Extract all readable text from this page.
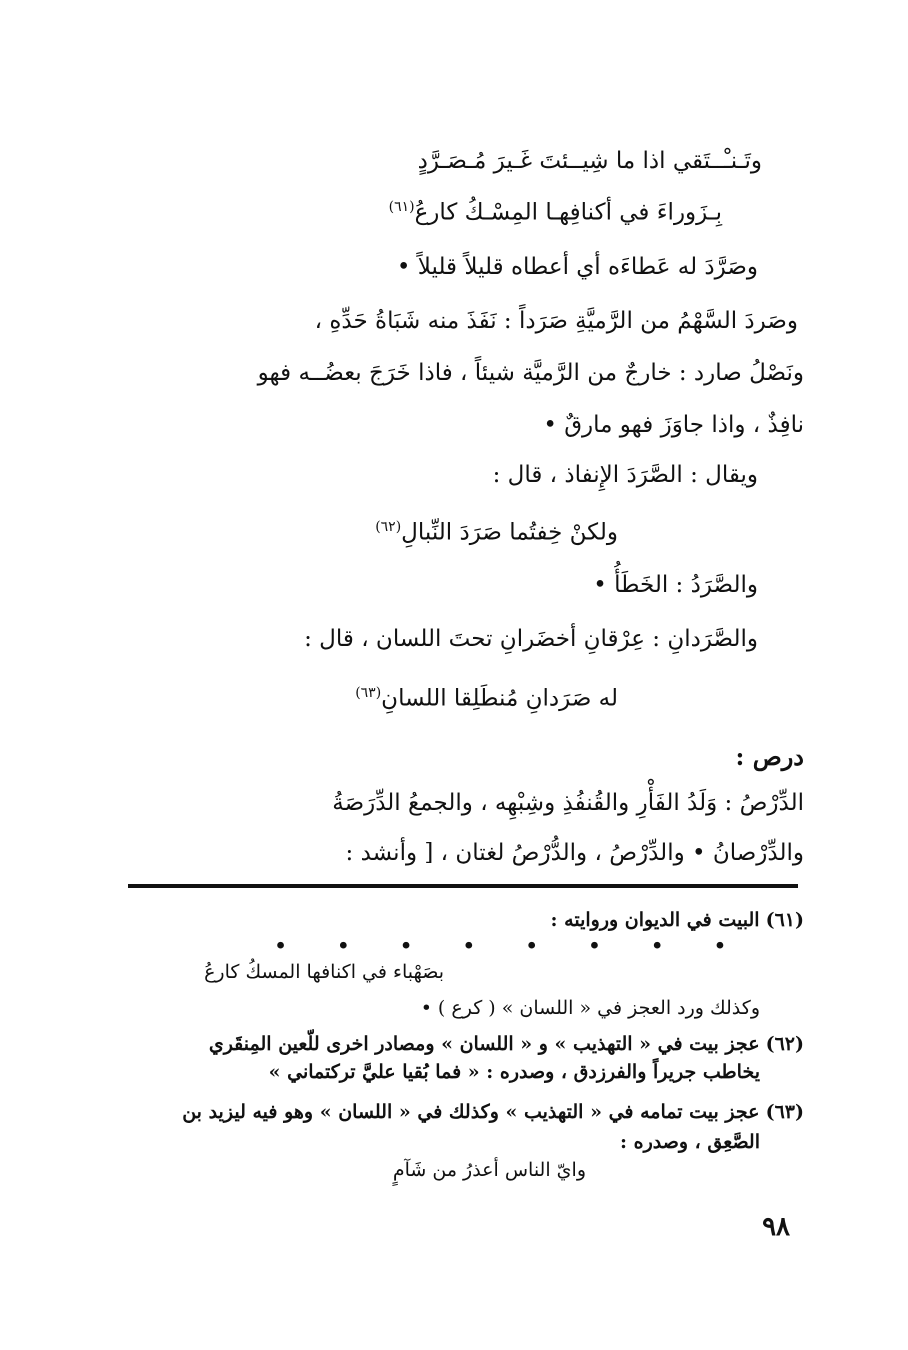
وتَـنـْــتَقي اذا ما شِيــئتَ غَـيرَ مُـصَـرَّدٍ
بِـزَوراءَ في أكنافِهـا المِسْـكُ كارعُ$^{(٦١)}$
وصَرَّدَ له عَطاءَه أي أعطاه قليلاً قليلاً •
وصَردَ السَّهْمُ من الرَّميَّةِ صَرَداً : نَفَذَ منه شَبَاةُ حَدِّهِ ،
ونَصْلُ صارد : خارجٌ من الرَّميَّة شيئاً ، فاذا خَرَجَ بعضُــه فهو
نافِذٌ ، واذا جاوَزَ فهو مارقٌ •
ويقال : الصَّرَدَ الإِنفاذ ، قال :
ولكنْ خِفتُما صَرَدَ النِّبالِ$^{(٦٢)}$
والصَّرَدُ : الخَطَأُ •
والصَّرَدانِ : عِرْقانِ أخضَرانِ تحتَ اللسان ، قال :
له صَرَدانِ مُنطَلِقا اللسانِ$^{(٦٣)}$
درص :
الدِّرْصُ : وَلَدُ الفَأْرِ والقُنفُذِ وشِبْهِه ، والجمعُ الدِّرَصَةُ
والدِّرْصانُ • والدِّرْصُ ، والدُّرْصُ لغتان ، [ وأنشد :
(٦١) البيت في الديوان وروايته :
• • • • • • • •
بصَهْباء في اكنافها المسكُ كارعُ
وكذلك ورد العجز في « اللسان » ( كرع ) •
(٦٢) عجز بيت في « التهذيب » و « اللسان » ومصادر اخرى للّعين المِنقَري
يخاطب جريراً والفرزدق ، وصدره : « فما بُقيا عليَّ تركتماني »
(٦٣) عجز بيت تمامه في « التهذيب » وكذلك في « اللسان » وهو فيه ليزيد بن
الصَّعِق ، وصدره :
وايّ الناس أعذرُ من شَآمٍ
٩٨
